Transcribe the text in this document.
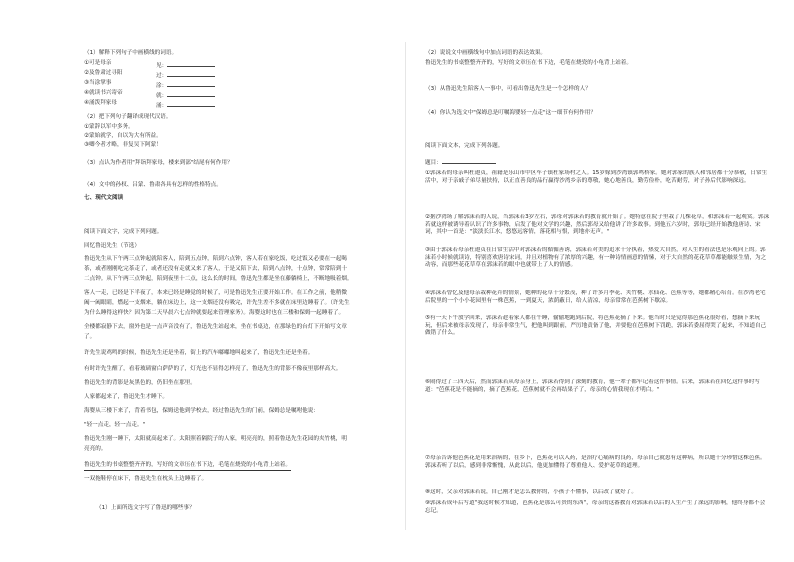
（1）解释下列句子中画横线的词语。
①可是母亲	见：
②及鲁肃过寻阳	过：
③当涂掌事	涂：
④就读书兴寄帝	就：
④涌泼拜家母	涌：
（2）把下列句子翻译成现代汉语。
①蒙辞以军中多务。
②蒙始就学，自以为大有所益。
③卿今者才略，非复吴下阿蒙！
（3）点认为作者用"拜诣拜家母，楼来到部"结尾有何作用？
（4）文中的孙权、吕蒙、鲁肃各具有怎样的性格特点。
七、现代文阅读
阅读下面文字，完成下列问题。
回忆鲁迅先生（节选）
鲁迅先生从下午两三点钟起就陪客人，陪到五点钟，陪到六点钟，客人若在家吃饭，吃过饭又必要在一起喝
茶，或者刚刚吃完茶走了，或者还没有走就又来了客人，于是又陪下去，陪到八点钟，十点钟，常常陪到十
二点钟。从下午两三点钟起，陪到夜里十二点，这么长的时间，鲁迅先生都是坐在藤躺椅上，不断地吸着烟。
客人一走，已经是下半夜了，本来已经是睡觉的时候了，可是鲁迅先生正要开始工作。在工作之前，他稍微
阖一阖眼睛，燃起一支烟来，躺在床边上，这一支烟还没有吸完，许先生差不多就在床里边睡着了。（许先生
为什么睡得这样快？因为第二天早晨六七点钟就要起来管理家务）。海婴这时也在三楼和保姆一起睡着了。
全楼都寂静下去，窗外也是一点声音没有了，鲁迅先生站起来，坐在书桌边，在那绿色的台灯下开始写文章
了。
许先生说鸡鸣的时候，鲁迅先生还是坐着，街上的汽车嘟嘟地叫起来了，鲁迅先生还是坐着。
有时许先生醒了，看着玻璃窗白萨萨的了，灯光也不显得怎样亮了，鲁迅先生的背影不像夜里那样高大。
鲁迅先生的背影是灰黑色的，仍旧坐在那里。
人家都起来了，鲁迅先生才睡下。
海婴从三楼下来了，背着书包，保姆送他到学校去，经过鲁迅先生的门前，保姆总是嘱咐他说：
"轻一点走，轻一点走。"
鲁迅先生刚一睡下，太阳就高起来了。太阳照着隔院子的人家，明亮亮的，照着鲁迅先生花园的夹竹桃，明
亮亮的。
鲁迅先生的书桌整整齐齐的，写好的文章压在书下边，毛笔在烧瓷的小龟背上站着。
一双拖鞋停在床下，鲁迅先生在枕头上边睡着了。
（1）上面所选文字写了鲁迅的哪些事？
（2）说说文中画横线句中加点词语的表达效果。
鲁迅先生的书桌整整齐齐的，写好的文章压在书下边，毛笔在烧瓷的小龟背上站着。
（3）从鲁迅先生陪客人一事中，可看出鲁迅先生是一个怎样的人？
（4）你认为选文中"保姆总是叮嘱海婴轻一点走"这一细节有何作用？
阅读下面文本，完成下列各题。
题目：
①郭沫若的母亲叫杜遨贞，祖籍是乐山市中区车子镇杜家场村之人。15岁嫁到沙湾镇郭鸣桥家。她对郭家的族人和邻居都十分恭敬，日常生活中，对于亲戚子弟尽量扶持，以正直善良的品行赢得沙湾乡亲的尊敬，她心地善良，勤劳俭朴，吃苦耐劳，对子孙后代影响深远。
②据沙湾场了解郭沫若的人说，当郭沫若3岁左右，郭母对郭沫若的教育就开始了。她特意在院子里栽了几棵花草，和郭沫若一起观赏。郭沫若就这样被诱导着认识了许多事物，启发了他对文学的兴趣，然后郭母又给他讲了许多故事。到他五六岁时，郭母已经开始教他唐诗、宋词，其中一首是："淡淡长江水，悠悠远客情，落花相与恨，到地亦无声。"
③由于郭沫若母亲杜遨贞在日常生活中对郭沫若的循循善诱，郭沫若对美的追求十分执着，热爱大自然，对人生的看法也是乐观向上的。郭沫若小时候就读诗，特别喜欢唐诗宋词，并且对植物有了浓厚的兴趣，有一种诗情画意的情愫，对于大自然的花花草草都能触景生情，为之动容，而那些花花草草在郭沫若的眼中也就带上了人的情感。
④郭沫若曾忆及他母亲栽种花卉的情景，她种的花草十分繁茂，种了许多月季花、夹竹桃、水仙花、芭蕉等等，她都精心培育。在沙湾老宅后院里的一个小小花园里有一株芭蕉，一到夏天，浓荫蔽日，给人清凉，母亲常常在芭蕉树下歇凉。
⑤有一天下午放学回来，郭沫若趁着家人都在午睡，偷偷地跑到后院，将芭蕉花摘了下来。他当时只是觉得那芭蕉花很好看，想摘下来玩玩，但后来被母亲发现了，母亲非常生气，把他叫到跟前，严厉地责备了他，并要他在芭蕉树下罚跪，郭沫若委屈得哭了起来，不知道自己做错了什么。
⑥闹得过了三四天后，然而郭沫若从母亲身上，郭沫若得到了深刻的教育，他一辈子都牢记着这件事情。后来，郭沫若在回忆这件事时写道："芭蕉花是不能摘的，摘了芭蕉花，芭蕉树就不会再结果子了，母亲的心情我现在才明白。"
⑦母亲告诉他芭蕉花是用来治病的，在乡下，芭蕉花可以入药，是治疗心痛病的良药，母亲自己就患有这种病，所以她十分珍惜这株芭蕉。郭沫若听了以后，感到非常惭愧，从此以后，他更加懂得了尊重他人、爱护花草的道理。
⑧这时，父亲对郭沫若说，自己刚才是怎么教你的，小孩子不懂事，以后改了就好了。
⑨郭沫若成年后写道"我这时候才知道，芭蕉花是那么可贵的东西"，母亲的这番教育对郭沫若以后的人生产生了深远的影响，他终身都不会忘记。
